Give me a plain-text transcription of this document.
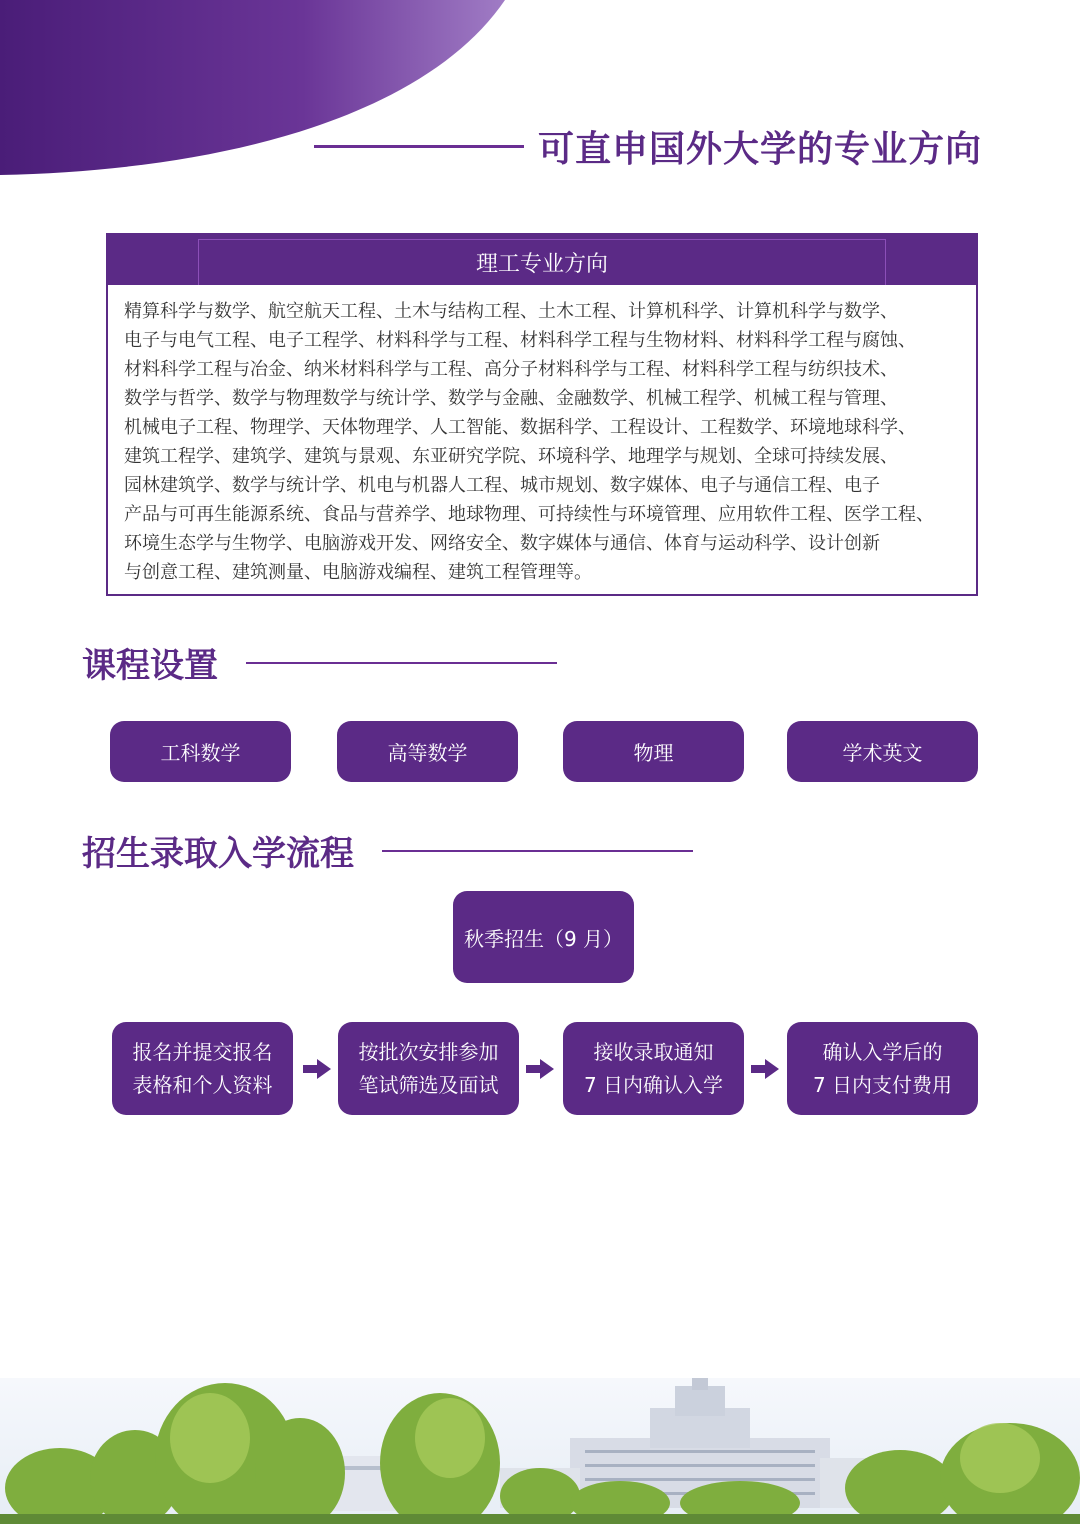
可直申国外大学的专业方向
理工专业方向
精算科学与数学、航空航天工程、土木与结构工程、土木工程、计算机科学、计算机科学与数学、
电子与电气工程、电子工程学、材料科学与工程、材料科学工程与生物材料、材料科学工程与腐蚀、
材料科学工程与冶金、纳米材料科学与工程、高分子材料科学与工程、材料科学工程与纺织技术、
数学与哲学、数学与物理数学与统计学、数学与金融、金融数学、机械工程学、机械工程与管理、
机械电子工程、物理学、天体物理学、人工智能、数据科学、工程设计、工程数学、环境地球科学、
建筑工程学、建筑学、建筑与景观、东亚研究学院、环境科学、地理学与规划、全球可持续发展、
园林建筑学、数学与统计学、机电与机器人工程、城市规划、数字媒体、电子与通信工程、电子
产品与可再生能源系统、食品与营养学、地球物理、可持续性与环境管理、应用软件工程、医学工程、
环境生态学与生物学、电脑游戏开发、网络安全、数字媒体与通信、体育与运动科学、设计创新
与创意工程、建筑测量、电脑游戏编程、建筑工程管理等。
课程设置
工科数学	高等数学	物理	学术英文
招生录取入学流程
秋季招生（9 月）
报名并提交报名
表格和个人资料
按批次安排参加
笔试筛选及面试
接收录取通知
7 日内确认入学
确认入学后的
7 日内支付费用
